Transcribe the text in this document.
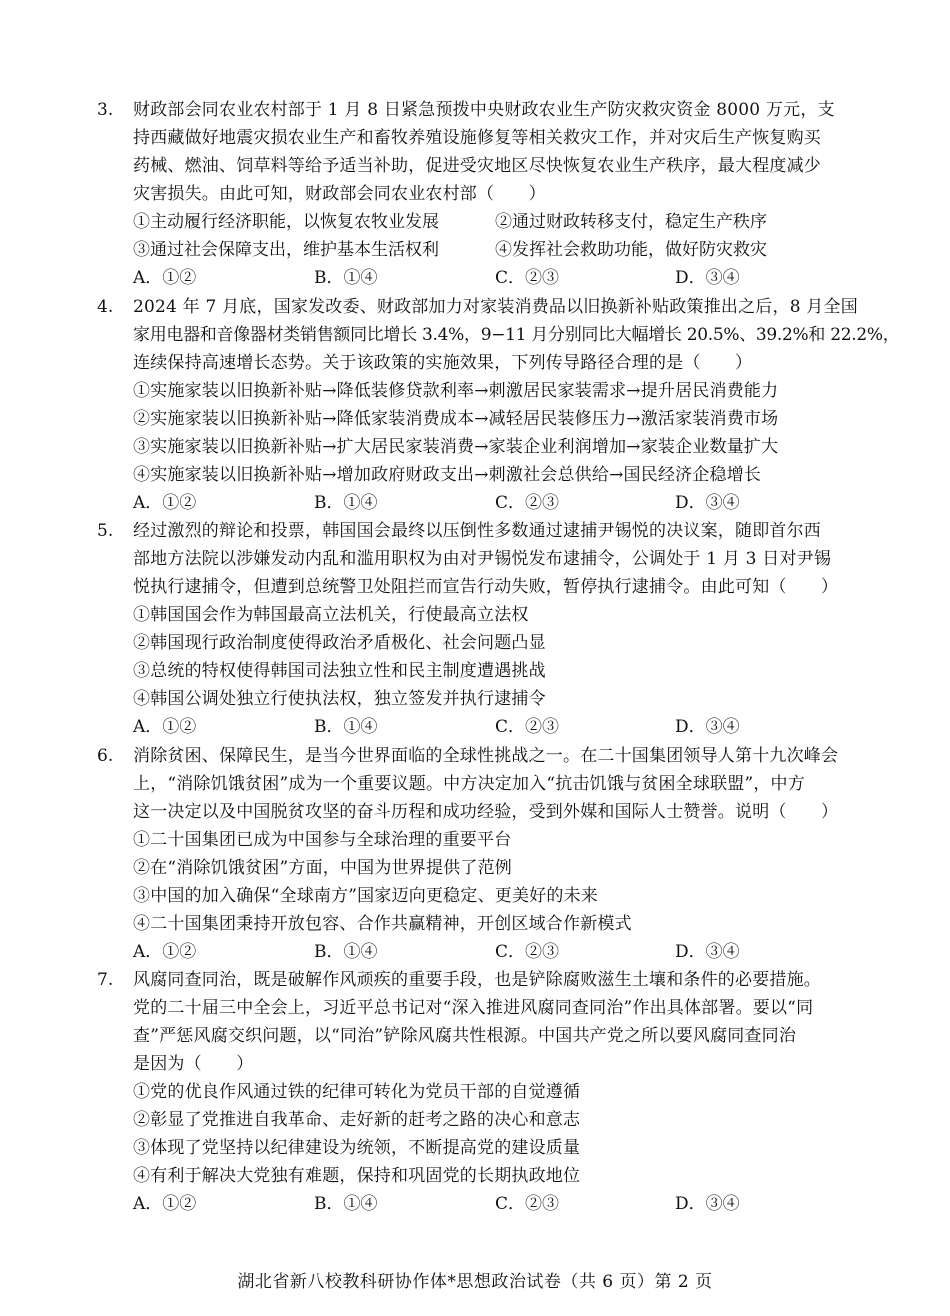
3. 财政部会同农业农村部于 1 月 8 日紧急预拨中央财政农业生产防灾救灾资金 8000 万元，支
持西藏做好地震灾损农业生产和畜牧养殖设施修复等相关救灾工作，并对灾后生产恢复购买
药械、燃油、饲草料等给予适当补助，促进受灾地区尽快恢复农业生产秩序，最大程度减少
灾害损失。由此可知，财政部会同农业农村部（　　）
①主动履行经济职能，以恢复农牧业发展	②通过财政转移支付，稳定生产秩序
③通过社会保障支出，维护基本生活权利	④发挥社会救助功能，做好防灾救灾
A．①②	B．①④	C．②③	D．③④
4. 2024 年 7 月底，国家发改委、财政部加力对家装消费品以旧换新补贴政策推出之后，8 月全国
家用电器和音像器材类销售额同比增长 3.4%，9−11 月分别同比大幅增长 20.5%、39.2%和 22.2%，
连续保持高速增长态势。关于该政策的实施效果，下列传导路径合理的是（　　）
①实施家装以旧换新补贴→降低装修贷款利率→刺激居民家装需求→提升居民消费能力
②实施家装以旧换新补贴→降低家装消费成本→减轻居民装修压力→激活家装消费市场
③实施家装以旧换新补贴→扩大居民家装消费→家装企业利润增加→家装企业数量扩大
④实施家装以旧换新补贴→增加政府财政支出→刺激社会总供给→国民经济企稳增长
A．①②	B．①④	C．②③	D．③④
5. 经过激烈的辩论和投票，韩国国会最终以压倒性多数通过逮捕尹锡悦的决议案，随即首尔西
部地方法院以涉嫌发动内乱和滥用职权为由对尹锡悦发布逮捕令，公调处于 1 月 3 日对尹锡
悦执行逮捕令，但遭到总统警卫处阻拦而宣告行动失败，暂停执行逮捕令。由此可知（　　）
①韩国国会作为韩国最高立法机关，行使最高立法权
②韩国现行政治制度使得政治矛盾极化、社会问题凸显
③总统的特权使得韩国司法独立性和民主制度遭遇挑战
④韩国公调处独立行使执法权，独立签发并执行逮捕令
A．①②	B．①④	C．②③	D．③④
6. 消除贫困、保障民生，是当今世界面临的全球性挑战之一。在二十国集团领导人第十九次峰会
上，“消除饥饿贫困”成为一个重要议题。中方决定加入“抗击饥饿与贫困全球联盟”，中方
这一决定以及中国脱贫攻坚的奋斗历程和成功经验，受到外媒和国际人士赞誉。说明（　　）
①二十国集团已成为中国参与全球治理的重要平台
②在“消除饥饿贫困”方面，中国为世界提供了范例
③中国的加入确保“全球南方”国家迈向更稳定、更美好的未来
④二十国集团秉持开放包容、合作共赢精神，开创区域合作新模式
A．①②	B．①④	C．②③	D．③④
7. 风腐同查同治，既是破解作风顽疾的重要手段，也是铲除腐败滋生土壤和条件的必要措施。
党的二十届三中全会上，习近平总书记对“深入推进风腐同查同治”作出具体部署。要以“同
查”严惩风腐交织问题，以“同治”铲除风腐共性根源。中国共产党之所以要风腐同查同治
是因为（　　）
①党的优良作风通过铁的纪律可转化为党员干部的自觉遵循
②彰显了党推进自我革命、走好新的赶考之路的决心和意志
③体现了党坚持以纪律建设为统领，不断提高党的建设质量
④有利于解决大党独有难题，保持和巩固党的长期执政地位
A．①②	B．①④	C．②③	D．③④
湖北省新八校教科研协作体*思想政治试卷（共 6 页）第 2 页
